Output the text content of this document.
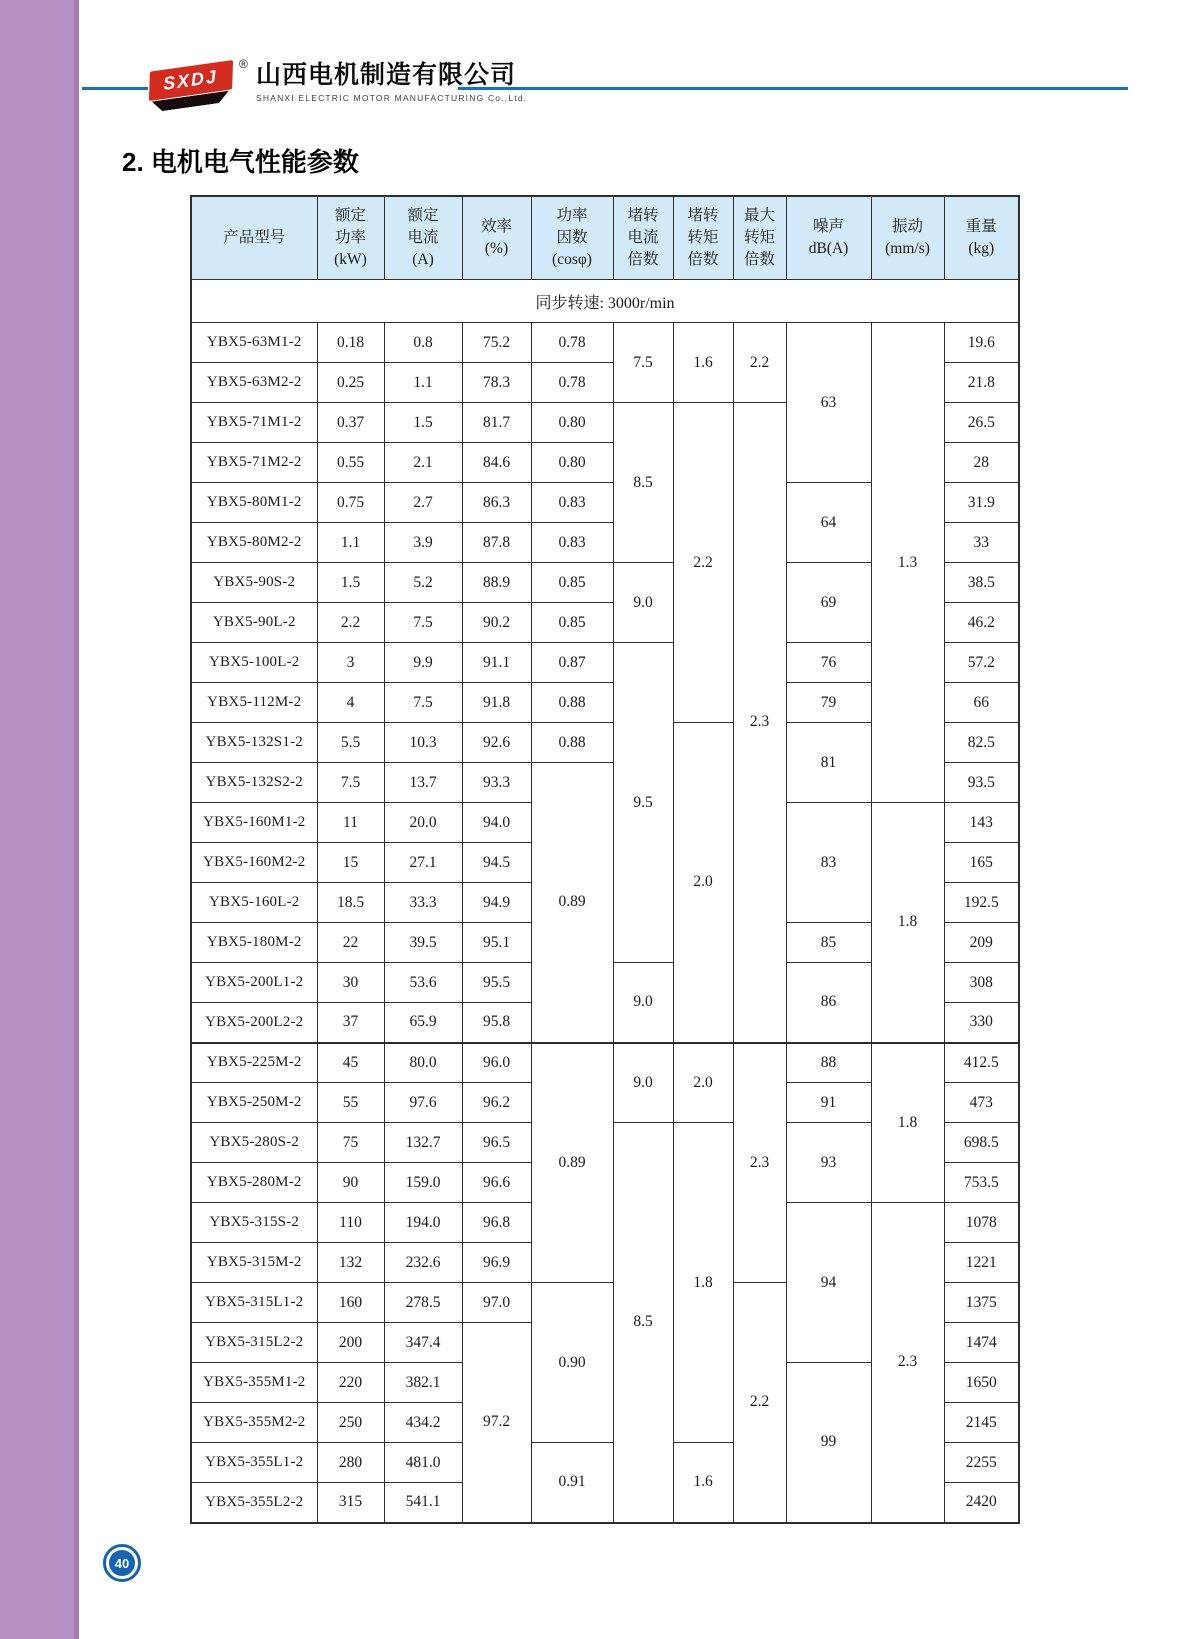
SXDJ
® 山西电机制造有限公司
SHANXI ELECTRIC MOTOR MANUFACTURING Co.,Ltd.
2. 电机电气性能参数
产品型号

额定
功率
(kW)

额定
电流
(A)

效率
(%)

功率
因数
(cosφ)

堵转
电流
倍数

堵转
转矩
倍数

最大
转矩
倍数

噪声
dB(A)

振动
(mm/s)

重量
(kg)

同步转速: 3000r/min										
YBX5-63M1-2	0.18	0.8	75.2	0.78	7.5	1.6	2.2	63	1.3	19.6
YBX5-63M2-2	0.25	1.1	78.3	0.78						21.8
YBX5-71M1-2	0.37	1.5	81.7	0.80	8.5	2.2	2.3			26.5
YBX5-71M2-2	0.55	2.1	84.6	0.80						28
YBX5-80M1-2	0.75	2.7	86.3	0.83				64		31.9
YBX5-80M2-2	1.1	3.9	87.8	0.83						33
YBX5-90S-2	1.5	5.2	88.9	0.85	9.0			69		38.5
YBX5-90L-2	2.2	7.5	90.2	0.85						46.2
YBX5-100L-2	3	9.9	91.1	0.87	9.5			76		57.2
YBX5-112M-2	4	7.5	91.8	0.88				79		66
YBX5-132S1-2	5.5	10.3	92.6	0.88		2.0		81		82.5
YBX5-132S2-2	7.5	13.7	93.3	0.89						93.5
YBX5-160M1-2	11	20.0	94.0					83	1.8	143
YBX5-160M2-2	15	27.1	94.5							165
YBX5-160L-2	18.5	33.3	94.9							192.5
YBX5-180M-2	22	39.5	95.1					85		209
YBX5-200L1-2	30	53.6	95.5		9.0			86		308
YBX5-200L2-2	37	65.9	95.8							330
YBX5-225M-2	45	80.0	96.0	0.89	9.0	2.0	2.3	88	1.8	412.5
YBX5-250M-2	55	97.6	96.2					91		473
YBX5-280S-2	75	132.7	96.5		8.5	1.8		93		698.5
YBX5-280M-2	90	159.0	96.6							753.5
YBX5-315S-2	110	194.0	96.8					94	2.3	1078
YBX5-315M-2	132	232.6	96.9							1221
YBX5-315L1-2	160	278.5	97.0	0.90			2.2			1375
YBX5-315L2-2	200	347.4	97.2							1474
YBX5-355M1-2	220	382.1						99		1650
YBX5-355M2-2	250	434.2								2145
YBX5-355L1-2	280	481.0		0.91		1.6				2255
YBX5-355L2-2	315	541.1								2420
40
